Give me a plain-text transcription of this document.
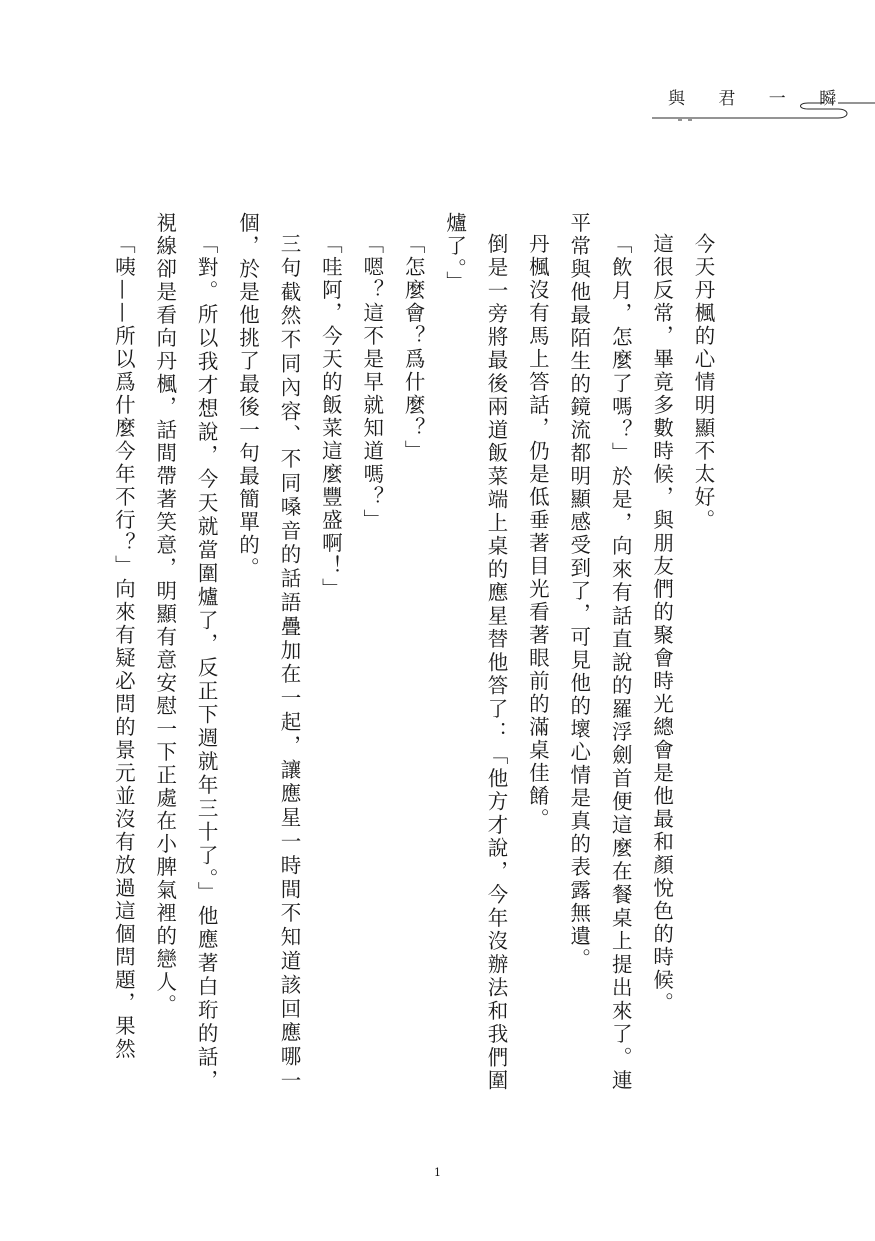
與 君 一 瞬

今天丹楓的心情明顯不太好。

這很反常，畢竟多數時候，與朋友們的聚會時光總會是他最和顏悅色的時候。

「飲月，怎麼了嗎？」於是，向來有話直說的羅浮劍首便這麼在餐桌上提出來了。連平常與他最陌生的鏡流都明顯感受到了，可見他的壞心情是真的表露無遺。

丹楓沒有馬上答話，仍是低垂著目光看著眼前的滿桌佳餚。

倒是一旁將最後兩道飯菜端上桌的應星替他答了：「他方才說，今年沒辦法和我們圍爐了。」

「怎麼會？爲什麼？」

「嗯？這不是早就知道嗎？」

「哇阿，今天的飯菜這麼豐盛啊！」

三句截然不同內容、不同嗓音的話語疊加在一起，讓應星一時間不知道該回應哪一個，於是他挑了最後一句最簡單的。

「對。所以我才想說，今天就當圍爐了，反正下週就年三十了。」他應著白珩的話，視線卻是看向丹楓，話間帶著笑意，明顯有意安慰一下正處在小脾氣裡的戀人。

「咦——所以爲什麼今年不行？」向來有疑必問的景元並沒有放過這個問題，果然

1
